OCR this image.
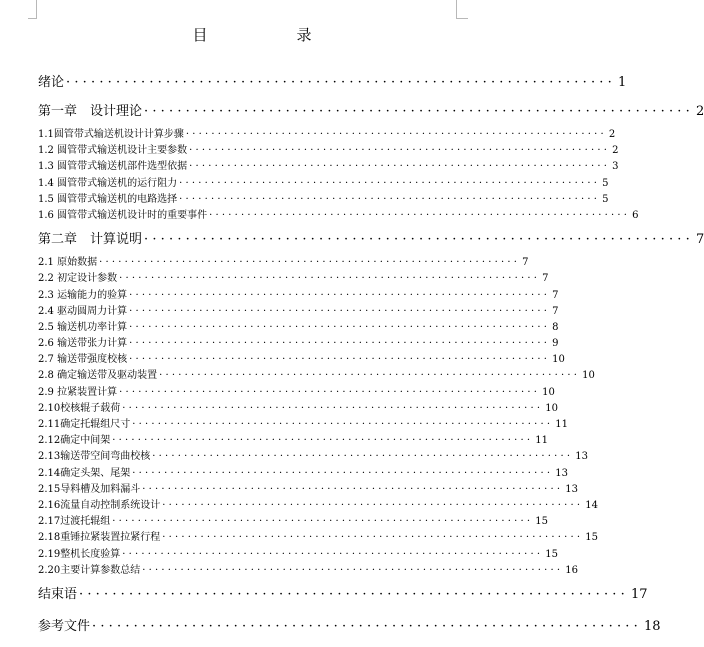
目	录
绪论 ·································································· 1
第一章　设计理论 ·································································· 2
1.1圆管带式输送机设计计算步骤 ·································································· 2
1.2 圆管带式输送机设计主要参数 ·································································· 2
1.3 圆管带式输送机部件选型依据 ·································································· 3
1.4 圆管带式输送机的运行阻力 ·································································· 5
1.5 圆管带式输送机的电路选择 ·································································· 5
1.6 圆管带式输送机设计时的重要事件 ·································································· 6
第二章　计算说明 ·································································· 7
2.1 原始数据 ·································································· 7
2.2 初定设计参数 ·································································· 7
2.3 运输能力的验算 ·································································· 7
2.4 驱动圆周力计算 ·································································· 7
2.5 输送机功率计算 ·································································· 8
2.6 输送带张力计算 ·································································· 9
2.7 输送带强度校核 ·································································· 10
2.8 确定输送带及驱动装置 ·································································· 10
2.9 拉紧装置计算 ·································································· 10
2.10校核辊子载荷 ·································································· 10
2.11确定托辊组尺寸 ·································································· 11
2.12确定中间架 ·································································· 11
2.13输送带空间弯曲校核 ·································································· 13
2.14确定头架、尾架 ·································································· 13
2.15导料槽及加料漏斗 ·································································· 13
2.16流量自动控制系统设计 ·································································· 14
2.17过渡托辊组 ·································································· 15
2.18重锤拉紧装置拉紧行程 ·································································· 15
2.19整机长度验算 ·································································· 15
2.20主要计算参数总结 ·································································· 16
结束语 ·································································· 17
参考文件 ·································································· 18
